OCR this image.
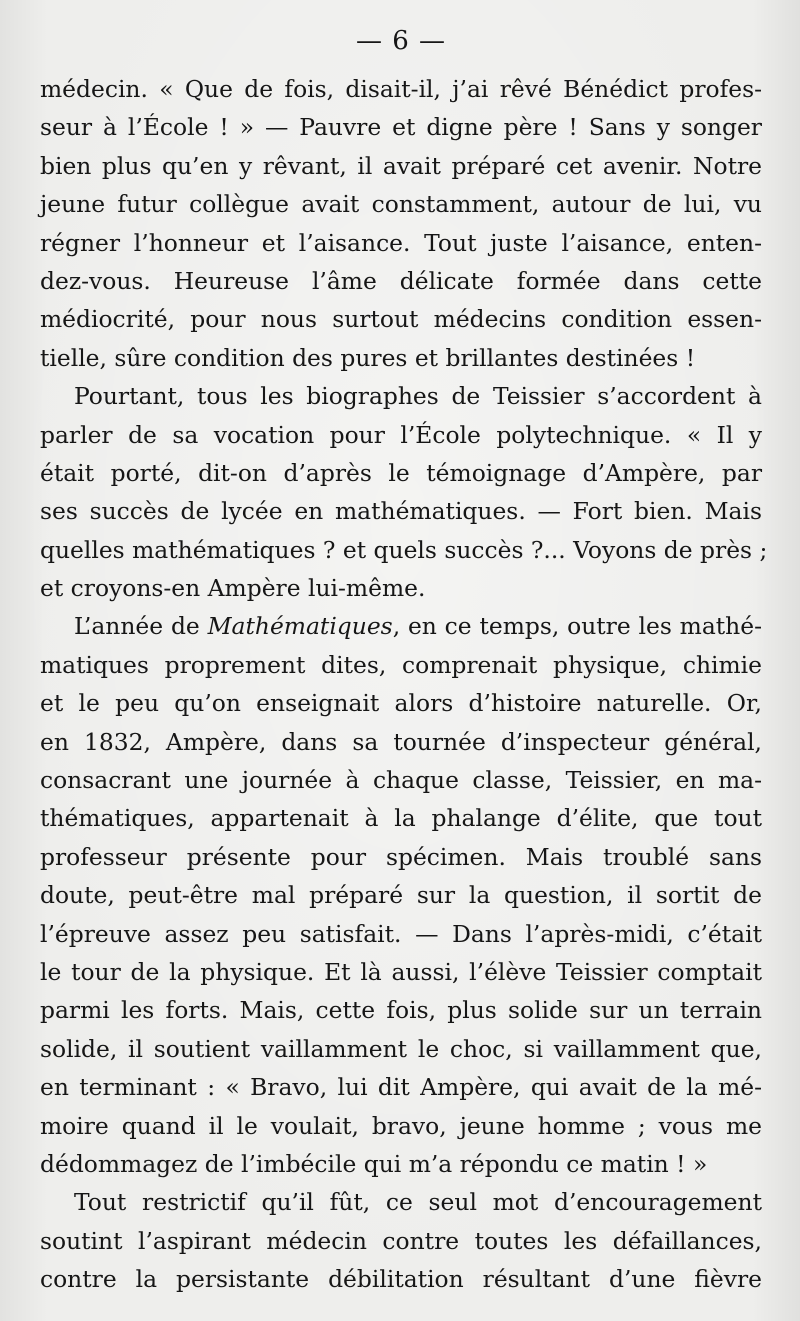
— 6 —
médecin. « Que de fois, disait-il, j’ai rêvé Bénédict profes-
seur à l’École ! » — Pauvre et digne père ! Sans y songer
bien plus qu’en y rêvant, il avait préparé cet avenir. Notre
jeune futur collègue avait constamment, autour de lui, vu
régner l’honneur et l’aisance. Tout juste l’aisance, enten-
dez-vous. Heureuse l’âme délicate formée dans cette
médiocrité, pour nous surtout médecins condition essen-
tielle, sûre condition des pures et brillantes destinées !
Pourtant, tous les biographes de Teissier s’accordent à
parler de sa vocation pour l’École polytechnique. « Il y
était porté, dit-on d’après le témoignage d’Ampère, par
ses succès de lycée en mathématiques. — Fort bien. Mais
quelles mathématiques ? et quels succès ?... Voyons de près ;
et croyons-en Ampère lui-même.
L’année de Mathématiques, en ce temps, outre les mathé-
matiques proprement dites, comprenait physique, chimie
et le peu qu’on enseignait alors d’histoire naturelle. Or,
en 1832, Ampère, dans sa tournée d’inspecteur général,
consacrant une journée à chaque classe, Teissier, en ma-
thématiques, appartenait à la phalange d’élite, que tout
professeur présente pour spécimen. Mais troublé sans
doute, peut-être mal préparé sur la question, il sortit de
l’épreuve assez peu satisfait. — Dans l’après-midi, c’était
le tour de la physique. Et là aussi, l’élève Teissier comptait
parmi les forts. Mais, cette fois, plus solide sur un terrain
solide, il soutient vaillamment le choc, si vaillamment que,
en terminant : « Bravo, lui dit Ampère, qui avait de la mé-
moire quand il le voulait, bravo, jeune homme ; vous me
dédommagez de l’imbécile qui m’a répondu ce matin ! »
Tout restrictif qu’il fût, ce seul mot d’encouragement
soutint l’aspirant médecin contre toutes les défaillances,
contre la persistante débilitation résultant d’une fièvre
